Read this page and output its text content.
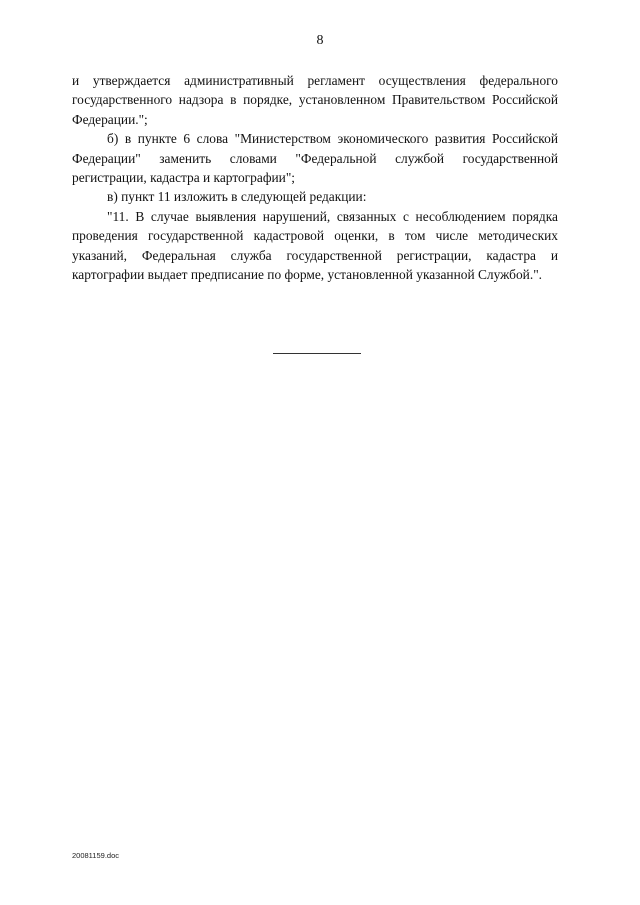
8

и утверждается административный регламент осуществления федерального государственного надзора в порядке, установленном Правительством Российской Федерации.";

б) в пункте 6 слова "Министерством экономического развития Российской Федерации" заменить словами "Федеральной службой государственной регистрации, кадастра и картографии";

в) пункт 11 изложить в следующей редакции:

"11. В случае выявления нарушений, связанных с несоблюдением порядка проведения государственной кадастровой оценки, в том числе методических указаний, Федеральная служба государственной регистрации, кадастра и картографии выдает предписание по форме, установленной указанной Службой.".

20081159.doc
